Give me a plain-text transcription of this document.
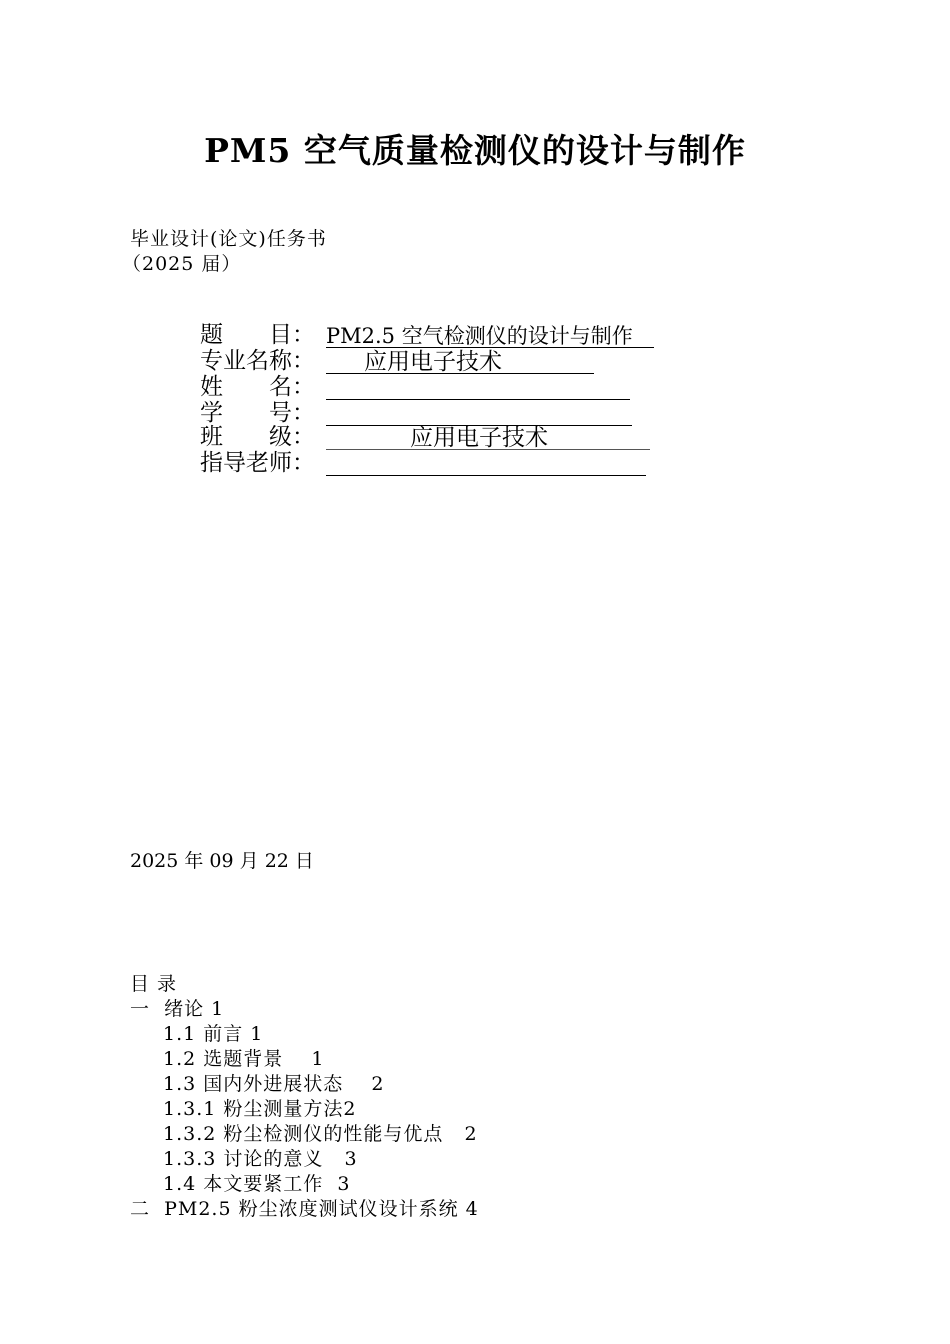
PM5 空气质量检测仪的设计与制作
毕业设计(论文)任务书
（2025 届）
题　　目： PM2.5 空气检测仪的设计与制作
专业名称：	应用电子技术
姓　　名：
学　　号：
班　　级：	应用电子技术
指导老师：
2025 年 09 月 22 日
目 录
一  绪论 1
1.1 前言 1
1.2 选题背景    1
1.3 国内外进展状态    2
1.3.1 粉尘测量方法2
1.3.2 粉尘检测仪的性能与优点   2
1.3.3 讨论的意义   3
1.4 本文要紧工作  3
二  PM2.5 粉尘浓度测试仪设计系统 4
